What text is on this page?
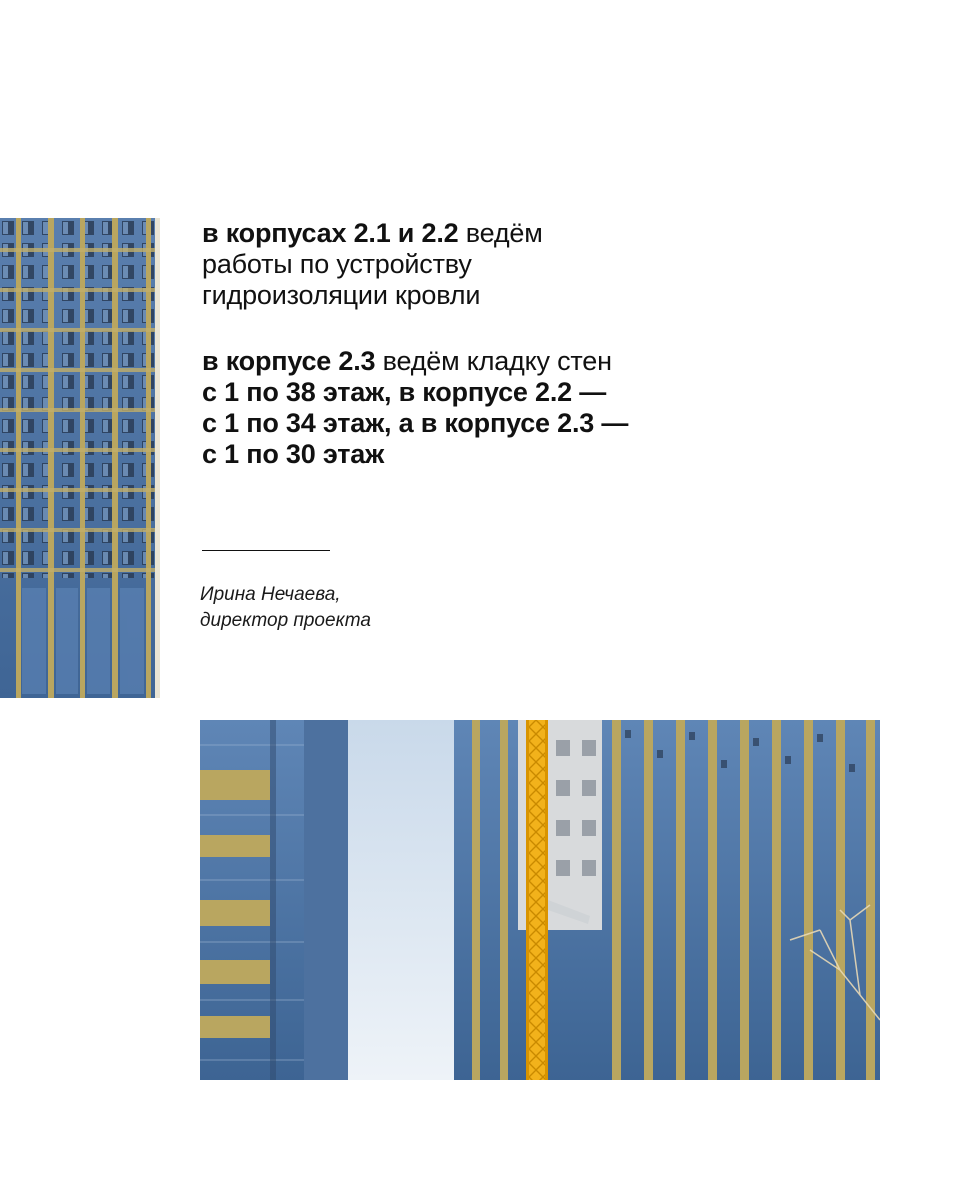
в корпусах 2.1 и 2.2 ведём
работы по устройству
гидроизоляции кровли
в корпусе 2.3 ведём кладку стен
с 1 по 38 этаж, в корпусе 2.2 —
с 1 по 34 этаж, а в корпусе 2.3 —
с 1 по 30 этаж
Ирина Нечаева,
директор проекта
